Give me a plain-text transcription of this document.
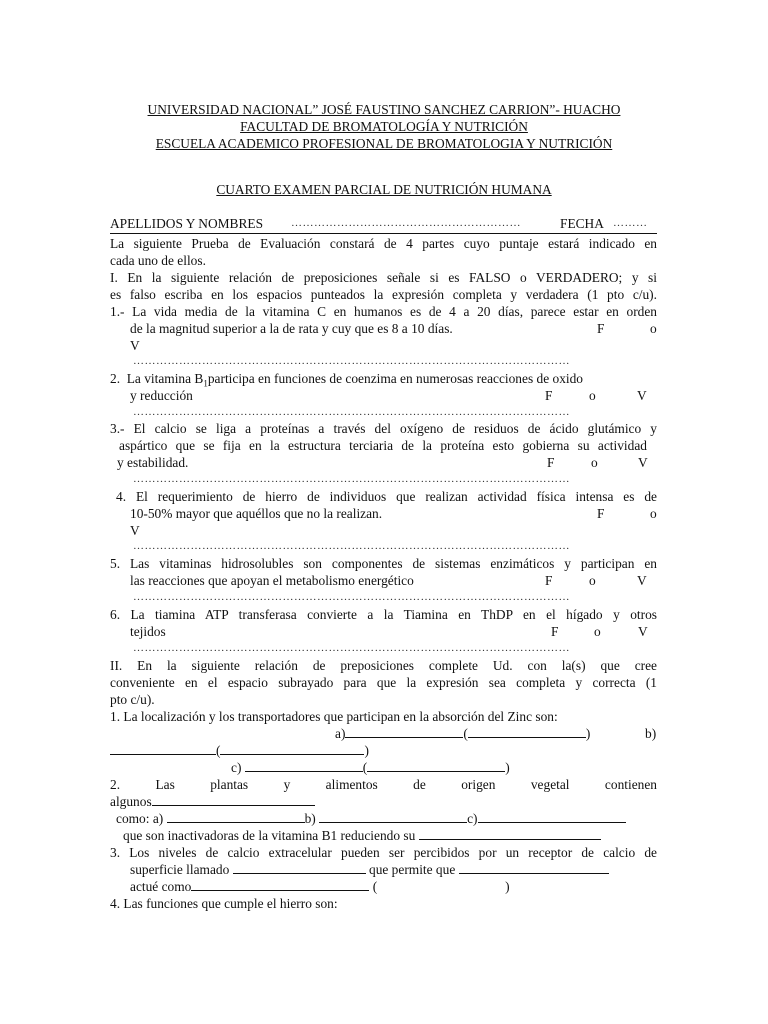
UNIVERSIDAD NACIONAL” JOSÉ FAUSTINO SANCHEZ CARRION”- HUACHO
FACULTAD DE BROMATOLOGÍA Y NUTRICIÓN
ESCUELA ACADEMICO PROFESIONAL DE BROMATOLOGIA Y NUTRICIÓN
CUARTO EXAMEN PARCIAL DE NUTRICIÓN HUMANA
APELLIDOS Y NOMBRES	……………………………………………………	FECHA ………
La siguiente Prueba de Evaluación constará de 4 partes cuyo puntaje estará indicado en
cada uno de ellos.
I. En la siguiente relación de preposiciones señale si es FALSO o VERDADERO; y si
es falso escriba en los espacios punteados la expresión completa y verdadera (1 pto c/u).
1.- La vida media de la vitamina C en humanos es de 4 a 20 días, parece estar en orden
de la magnitud superior a la de rata y cuy que es 8 a 10 días.	F	o
V
……………………………………………………………………………………………………
2.  La vitamina $B_1participa$ en funciones de coenzima en numerosas reacciones de oxido
y reducción	F	o	V
……………………………………………………………………………………………………
3.- El calcio se liga a proteínas a través del oxígeno de residuos de ácido glutámico y
aspártico que se fija en la estructura terciaria de la proteína esto gobierna su actividad
y estabilidad.	F	o	V
……………………………………………………………………………………………………
4. El requerimiento de hierro de individuos que realizan actividad física intensa es de
10-50% mayor que aquéllos que no la realizan.	F	o
V
……………………………………………………………………………………………………
5. Las vitaminas hidrosolubles son componentes de sistemas enzimáticos y participan en
las reacciones que apoyan el metabolismo energético	F	o	V
……………………………………………………………………………………………………
6. La tiamina ATP transferasa convierte a la Tiamina en ThDP en el hígado y otros
tejidos	F	o	V
……………………………………………………………………………………………………
II. En la siguiente relación de preposiciones complete Ud. con la(s) que cree
conveniente en el espacio subrayado para que la expresión sea completa y correcta (1
pto c/u).
1. La localización y los transportadores que participan en la absorción del Zinc son:
a)	(	)	b)
(	)
c)	(	)
2. Las plantas y alimentos de origen vegetal contienen
algunos
como: a)	b)	c)
que son inactivadoras de la vitamina B1 reduciendo su
3. Los niveles de calcio extracelular pueden ser percibidos por un receptor de calcio de
superficie llamado	que permite que
actué como	(	)
4. Las funciones que cumple el hierro son:
